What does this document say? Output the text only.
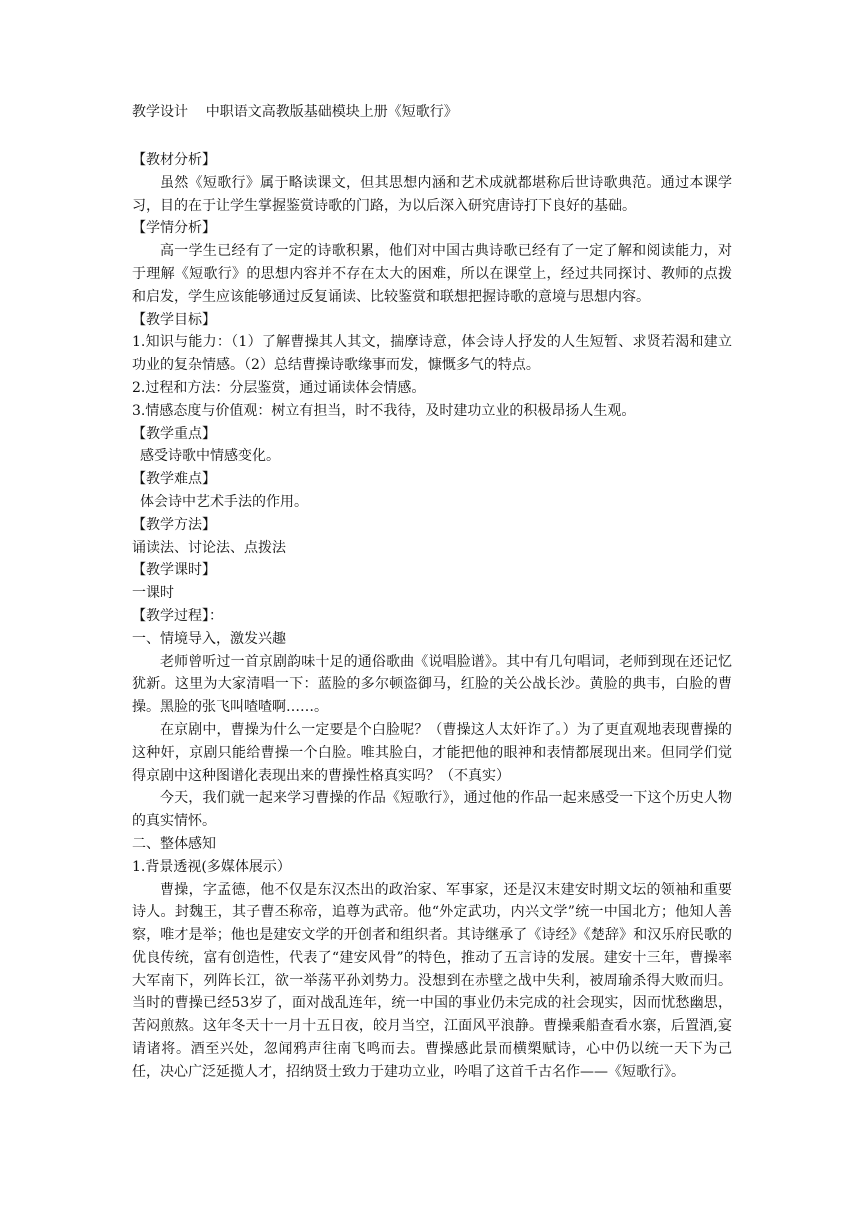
教学设计    中职语文高教版基础模块上册《短歌行》

【教材分析】

虽然《短歌行》属于略读课文，但其思想内涵和艺术成就都堪称后世诗歌典范。通过本课学习，目的在于让学生掌握鉴赏诗歌的门路，为以后深入研究唐诗打下良好的基础。

【学情分析】

高一学生已经有了一定的诗歌积累，他们对中国古典诗歌已经有了一定了解和阅读能力，对于理解《短歌行》的思想内容并不存在太大的困难，所以在课堂上，经过共同探讨、教师的点拨和启发，学生应该能够通过反复诵读、比较鉴赏和联想把握诗歌的意境与思想内容。

【教学目标】

1.知识与能力：（1）了解曹操其人其文，揣摩诗意，体会诗人抒发的人生短暂、求贤若渴和建立功业的复杂情感。（2）总结曹操诗歌缘事而发，慷慨多气的特点。

2.过程和方法：分层鉴赏，通过诵读体会情感。

3.情感态度与价值观：树立有担当，时不我待，及时建功立业的积极昂扬人生观。

【教学重点】

感受诗歌中情感变化。

【教学难点】

体会诗中艺术手法的作用。

【教学方法】

诵读法、讨论法、点拨法

【教学课时】

一课时

【教学过程】：

一、情境导入，激发兴趣

老师曾听过一首京剧韵味十足的通俗歌曲《说唱脸谱》。其中有几句唱词，老师到现在还记忆犹新。这里为大家清唱一下：蓝脸的多尔顿盗御马，红脸的关公战长沙。黄脸的典韦，白脸的曹操。黑脸的张飞叫喳喳啊……。

在京剧中，曹操为什么一定要是个白脸呢？（曹操这人太奸诈了。）为了更直观地表现曹操的这种奸，京剧只能给曹操一个白脸。唯其脸白，才能把他的眼神和表情都展现出来。但同学们觉得京剧中这种图谱化表现出来的曹操性格真实吗？（不真实）

今天，我们就一起来学习曹操的作品《短歌行》，通过他的作品一起来感受一下这个历史人物的真实情怀。

二、整体感知

1.背景透视(多媒体展示）

曹操，字孟德，他不仅是东汉杰出的政治家、军事家，还是汉末建安时期文坛的领袖和重要诗人。封魏王，其子曹丕称帝，追尊为武帝。他“外定武功，内兴文学”统一中国北方；他知人善察，唯才是举；他也是建安文学的开创者和组织者。其诗继承了《诗经》《楚辞》和汉乐府民歌的优良传统，富有创造性，代表了“建安风骨”的特色，推动了五言诗的发展。建安十三年，曹操率大军南下，列阵长江，欲一举荡平孙刘势力。没想到在赤壁之战中失利，被周瑜杀得大败而归。当时的曹操已经53岁了，面对战乱连年，统一中国的事业仍未完成的社会现实，因而忧愁幽思，苦闷煎熬。这年冬天十一月十五日夜，皎月当空，江面风平浪静。曹操乘船查看水寨，后置酒,宴请诸将。酒至兴处，忽闻鸦声往南飞鸣而去。曹操感此景而横槊赋诗，心中仍以统一天下为己任，决心广泛延揽人才，招纳贤士致力于建功立业，吟唱了这首千古名作——《短歌行》。
